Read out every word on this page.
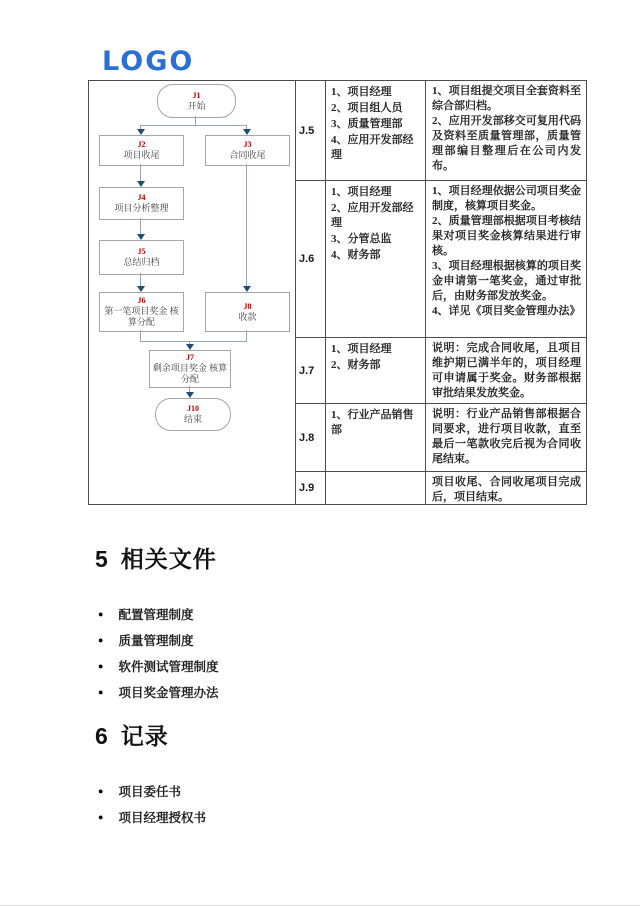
LOGO
J1
开始
J2
项目收尾
J3
合同收尾
J4
项目分析整理
J5
总结归档
J6
第一笔项目奖金 核算分配
J8
收款
J7
剩余项目奖金 核算分配
J10
结束
J.5
1、项目经理
2、项目组人员
3、质量管理部
4、应用开发部经理
1、项目组提交项目全套资料至综合部归档。
2、应用开发部移交可复用代码及资料至质量管理部，质量管理部编目整理后在公司内发布。
J.6
1、项目经理
2、应用开发部经理
3、分管总监
4、财务部
1、项目经理依据公司项目奖金制度，核算项目奖金。
2、质量管理部根据项目考核结果对项目奖金核算结果进行审核。
3、项目经理根据核算的项目奖金申请第一笔奖金，通过审批后，由财务部发放奖金。
4、详见《项目奖金管理办法》
J.7
1、项目经理
2、财务部
说明：完成合同收尾，且项目维护期已满半年的，项目经理可申请属于奖金。财务部根据审批结果发放奖金。
J.8
1、行业产品销售部
说明：行业产品销售部根据合同要求，进行项目收款，直至最后一笔款收完后视为合同收尾结束。
J.9	项目收尾、合同收尾项目完成后，项目结束。
5 相关文件
● 配置管理制度
● 质量管理制度
● 软件测试管理制度
● 项目奖金管理办法
6 记录
● 项目委任书
● 项目经理授权书
